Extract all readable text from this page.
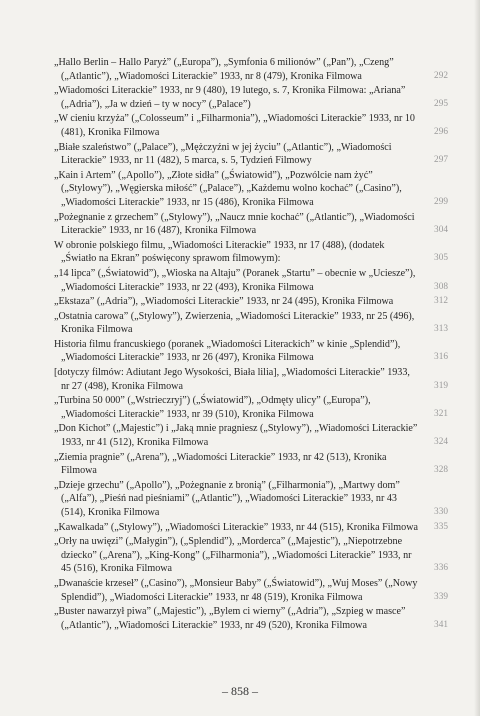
„Hallo Berlin – Hallo Paryż” („Europa”), „Symfonia 6 milionów” („Pan”), „Czeng” („Atlantic”), „Wiadomości Literackie” 1933, nr 8 (479), Kronika Filmowa	292
„Wiadomości Literackie” 1933, nr 9 (480), 19 lutego, s. 7, Kronika Filmowa: „Ariana” („Adria”), „Ja w dzień – ty w nocy” („Palace”)	295
„W cieniu krzyża” („Colosseum” i „Filharmonia”), „Wiadomości Literackie” 1933, nr 10 (481), Kronika Filmowa	296
„Białe szaleństwo” („Palace”), „Mężczyźni w jej życiu” („Atlantic”), „Wiadomości Literackie” 1933, nr 11 (482), 5 marca, s. 5, Tydzień Filmowy	297
„Kain i Artem” („Apollo”), „Złote sidła” („Światowid”), „Pozwólcie nam żyć” („Stylowy”), „Węgierska miłość” („Palace”), „Każdemu wolno kochać” („Casino”), „Wiadomości Literackie” 1933, nr 15 (486), Kronika Filmowa	299
„Pożegnanie z grzechem” („Stylowy”), „Naucz mnie kochać” („Atlantic”), „Wiadomości Literackie” 1933, nr 16 (487), Kronika Filmowa	304
W obronie polskiego filmu, „Wiadomości Literackie” 1933, nr 17 (488), (dodatek „Światło na Ekran” poświęcony sprawom filmowym):	305
„14 lipca” („Światowid”), „Wioska na Altaju” (Poranek „Startu” – obecnie w „Uciesze”), „Wiadomości Literackie” 1933, nr 22 (493), Kronika Filmowa	308
„Ekstaza” („Adria”), „Wiadomości Literackie” 1933, nr 24 (495), Kronika Filmowa	312
„Ostatnia carowa” („Stylowy”), Zwierzenia, „Wiadomości Literackie” 1933, nr 25 (496), Kronika Filmowa	313
Historia filmu francuskiego (poranek „Wiadomości Literackich” w kinie „Splendid”), „Wiadomości Literackie” 1933, nr 26 (497), Kronika Filmowa	316
[dotyczy filmów: Adiutant Jego Wysokości, Biała lilia], „Wiadomości Literackie” 1933, nr 27 (498), Kronika Filmowa	319
„Turbina 50 000” („Wstrieczryj”) („Światowid”), „Odmęty ulicy” („Europa”), „Wiadomości Literackie” 1933, nr 39 (510), Kronika Filmowa	321
„Don Kichot” („Majestic”) i „Jaką mnie pragniesz („Stylowy”), „Wiadomości Literackie” 1933, nr 41 (512), Kronika Filmowa	324
„Ziemia pragnie” („Arena”), „Wiadomości Literackie” 1933, nr 42 (513), Kronika Filmowa	328
„Dzieje grzechu” („Apollo”), „Pożegnanie z bronią” („Filharmonia”), „Martwy dom” („Alfa”), „Pieśń nad pieśniami” („Atlantic”), „Wiadomości Literackie” 1933, nr 43 (514), Kronika Filmowa	330
„Kawalkada” („Stylowy”), „Wiadomości Literackie” 1933, nr 44 (515), Kronika Filmowa 335
„Orły na uwięzi” („Małygin”), („Splendid”), „Morderca” („Majestic”), „Niepotrzebne dziecko” („Arena”), „King-Kong” („Filharmonia”), „Wiadomości Literackie” 1933, nr 45 (516), Kronika Filmowa	336
„Dwanaście krzeseł” („Casino”), „Monsieur Baby” („Światowid”), „Wuj Moses” („Nowy Splendid”), „Wiadomości Literackie” 1933, nr 48 (519), Kronika Filmowa	339
„Buster nawarzył piwa” („Majestic”), „Bylem ci wierny” („Adria”), „Szpieg w masce” („Atlantic”), „Wiadomości Literackie” 1933, nr 49 (520), Kronika Filmowa	341
– 858 –
